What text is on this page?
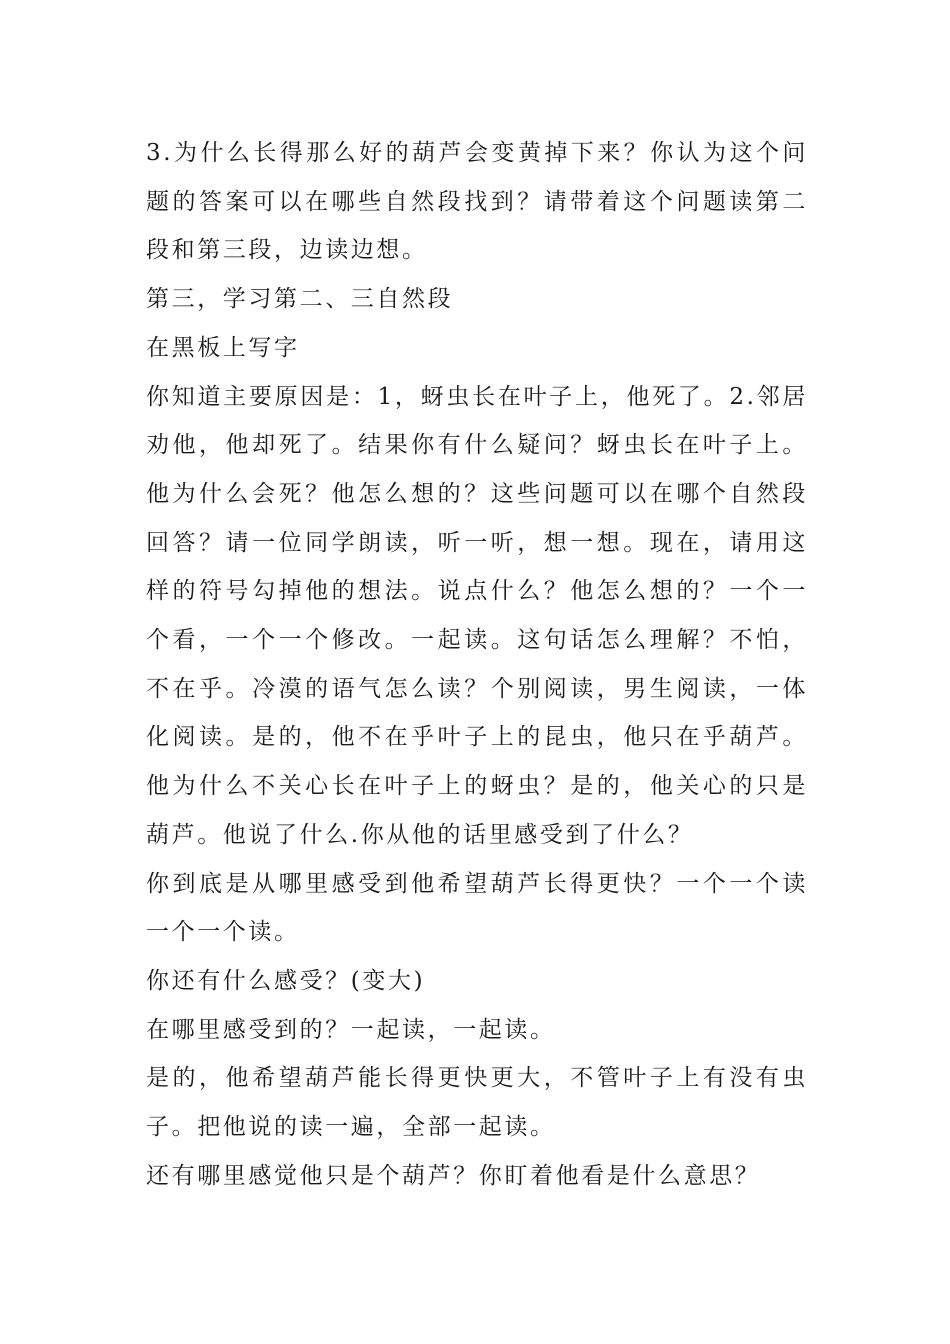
3.为什么长得那么好的葫芦会变黄掉下来？你认为这个问题的答案可以在哪些自然段找到？请带着这个问题读第二段和第三段，边读边想。

第三，学习第二、三自然段

在黑板上写字

你知道主要原因是：1，蚜虫长在叶子上，他死了。2.邻居劝他，他却死了。结果你有什么疑问？蚜虫长在叶子上。他为什么会死？他怎么想的？这些问题可以在哪个自然段回答？请一位同学朗读，听一听，想一想。现在，请用这样的符号勾掉他的想法。说点什么？他怎么想的？一个一个看，一个一个修改。一起读。这句话怎么理解？不怕，不在乎。冷漠的语气怎么读？个别阅读，男生阅读，一体化阅读。是的，他不在乎叶子上的昆虫，他只在乎葫芦。他为什么不关心长在叶子上的蚜虫？是的，他关心的只是葫芦。他说了什么.你从他的话里感受到了什么？

你到底是从哪里感受到他希望葫芦长得更快？一个一个读一个一个读。

你还有什么感受？(变大)

在哪里感受到的？一起读，一起读。

是的，他希望葫芦能长得更快更大，不管叶子上有没有虫子。把他说的读一遍，全部一起读。

还有哪里感觉他只是个葫芦？你盯着他看是什么意思？
